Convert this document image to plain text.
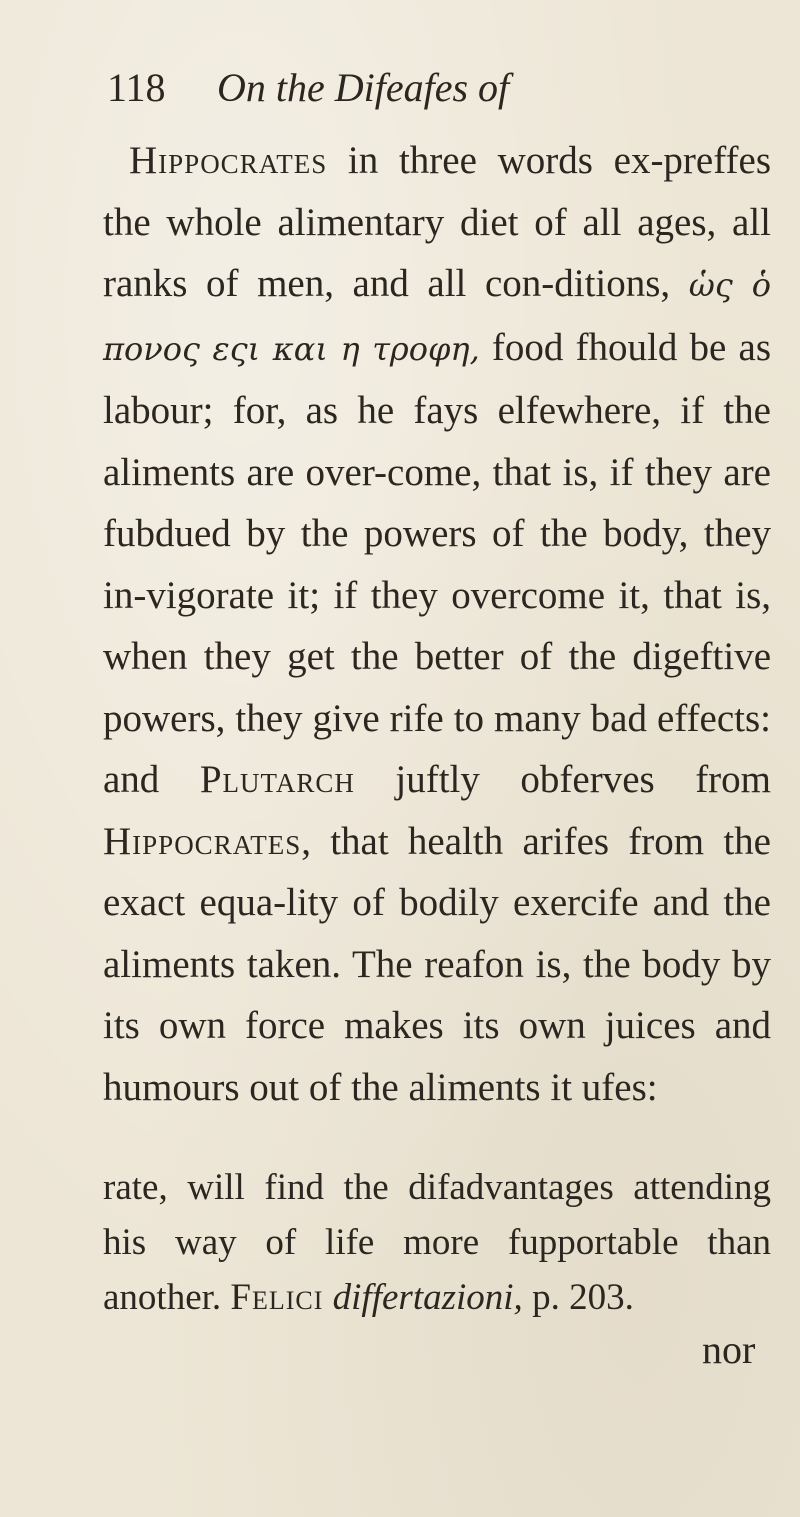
118 On the Difeafes of

Hippocrates in three words ex-preffes the whole alimentary diet of all ages, all ranks of men, and all con-ditions, ὡς ὁ πονος εςι και η τροφη, food fhould be as labour; for, as he fays elfewhere, if the aliments are over-come, that is, if they are fubdued by the powers of the body, they in-vigorate it; if they overcome it, that is, when they get the better of the digeftive powers, they give rife to many bad effects: and Plutarch juftly obferves from Hippocrates, that health arifes from the exact equa-lity of bodily exercife and the aliments taken. The reafon is, the body by its own force makes its own juices and humours out of the aliments it ufes:

rate, will find the difadvantages attending his way of life more fupportable than another. Felici differtazioni, p. 203.

nor
